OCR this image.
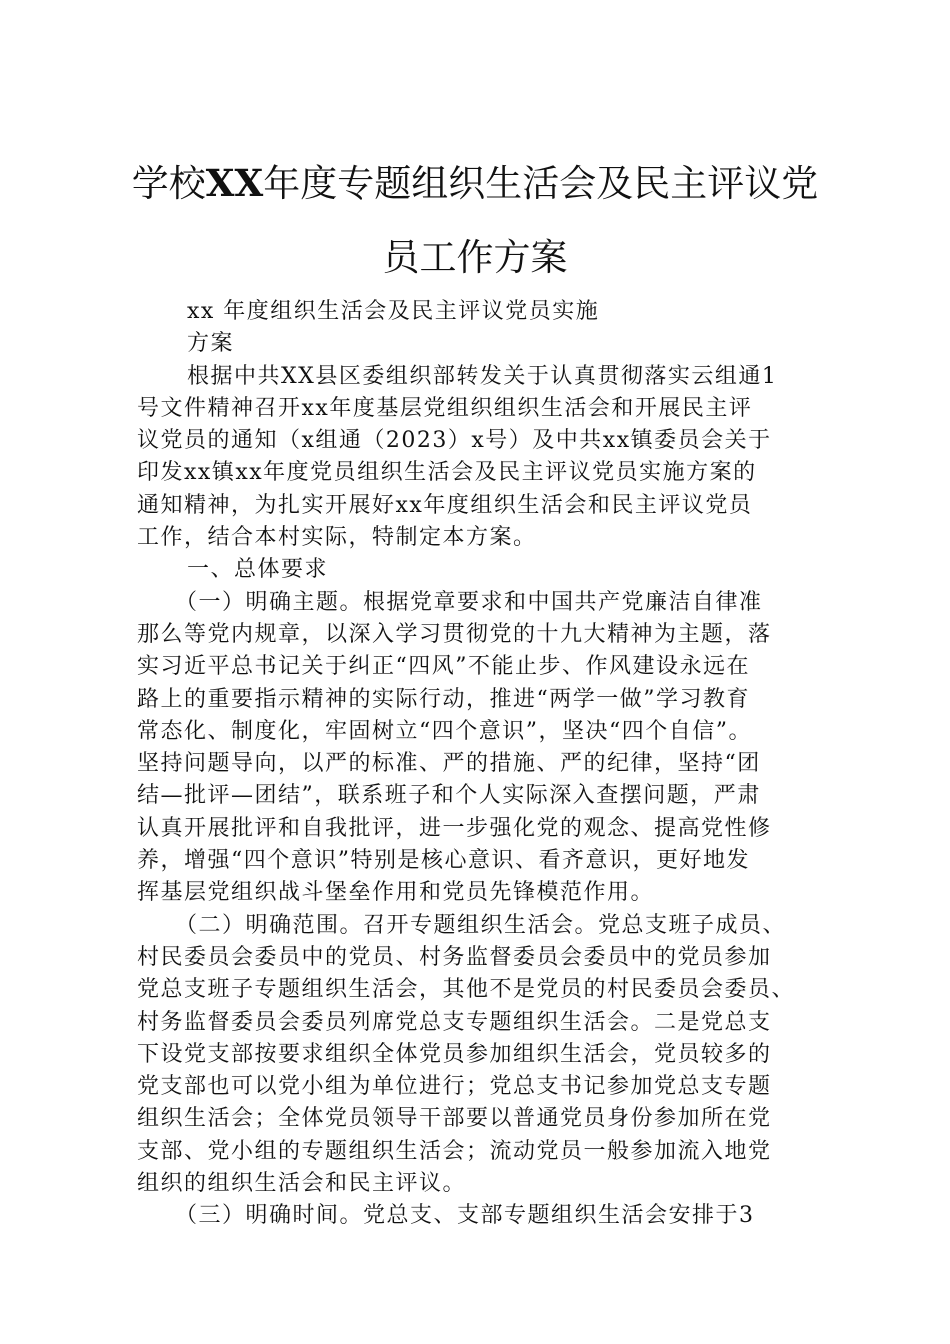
学校XX年度专题组织生活会及民主评议党
员工作方案
xx 年度组织生活会及民主评议党员实施
方案
根据中共XX县区委组织部转发关于认真贯彻落实云组通1
号文件精神召开xx年度基层党组织组织生活会和开展民主评
议党员的通知（x组通（2023）x号）及中共xx镇委员会关于
印发xx镇xx年度党员组织生活会及民主评议党员实施方案的
通知精神，为扎实开展好xx年度组织生活会和民主评议党员
工作，结合本村实际，特制定本方案。
一、总体要求
（一）明确主题。根据党章要求和中国共产党廉洁自律准
那么等党内规章，以深入学习贯彻党的十九大精神为主题，落
实习近平总书记关于纠正“四风”不能止步、作风建设永远在
路上的重要指示精神的实际行动，推进“两学一做”学习教育
常态化、制度化，牢固树立“四个意识”，坚决“四个自信”。
坚持问题导向，以严的标准、严的措施、严的纪律，坚持“团
结—批评—团结”，联系班子和个人实际深入查摆问题，严肃
认真开展批评和自我批评，进一步强化党的观念、提高党性修
养，增强“四个意识”特别是核心意识、看齐意识，更好地发
挥基层党组织战斗堡垒作用和党员先锋模范作用。
（二）明确范围。召开专题组织生活会。党总支班子成员、
村民委员会委员中的党员、村务监督委员会委员中的党员参加
党总支班子专题组织生活会，其他不是党员的村民委员会委员、
村务监督委员会委员列席党总支专题组织生活会。二是党总支
下设党支部按要求组织全体党员参加组织生活会，党员较多的
党支部也可以党小组为单位进行；党总支书记参加党总支专题
组织生活会；全体党员领导干部要以普通党员身份参加所在党
支部、党小组的专题组织生活会；流动党员一般参加流入地党
组织的组织生活会和民主评议。
（三）明确时间。党总支、支部专题组织生活会安排于3
